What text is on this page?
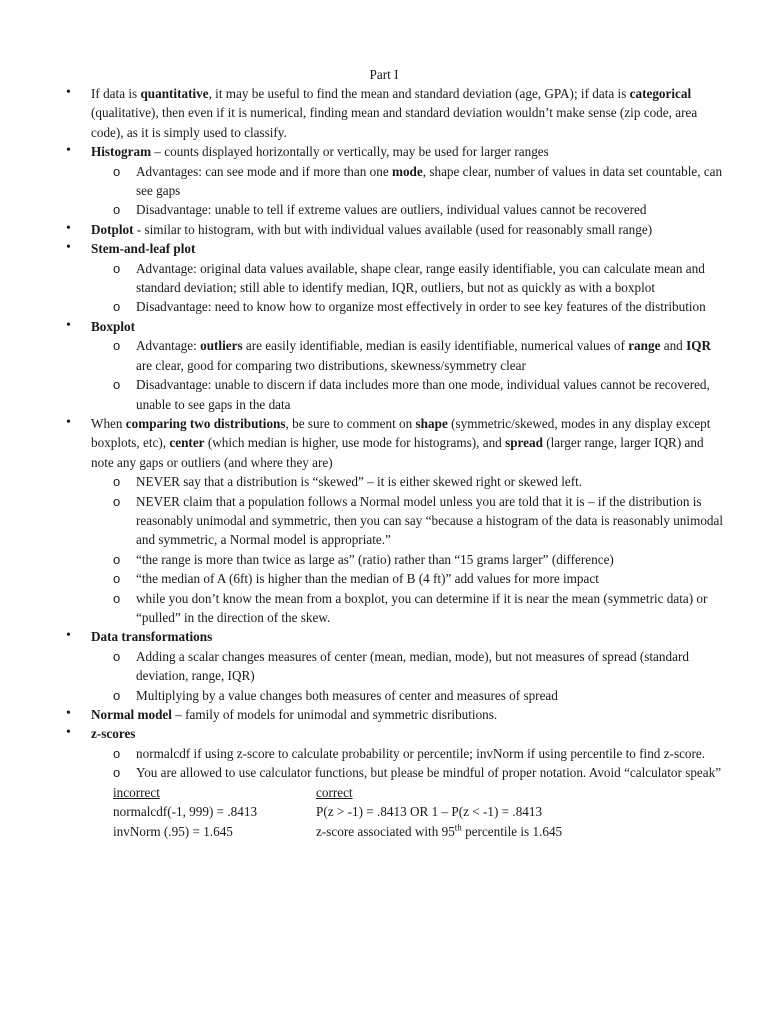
Part I
• If data is quantitative, it may be useful to find the mean and standard deviation (age, GPA); if data is categorical (qualitative), then even if it is numerical, finding mean and standard deviation wouldn’t make sense (zip code, area code), as it is simply used to classify.
• Histogram – counts displayed horizontally or vertically, may be used for larger ranges
o Advantages: can see mode and if more than one mode, shape clear, number of values in data set countable, can see gaps
o Disadvantage: unable to tell if extreme values are outliers, individual values cannot be recovered
• Dotplot - similar to histogram, with but with individual values available (used for reasonably small range)
• Stem-and-leaf plot
o Advantage: original data values available, shape clear, range easily identifiable, you can calculate mean and standard deviation; still able to identify median, IQR, outliers, but not as quickly as with a boxplot
o Disadvantage: need to know how to organize most effectively in order to see key features of the distribution
• Boxplot
o Advantage: outliers are easily identifiable, median is easily identifiable, numerical values of range and IQR are clear, good for comparing two distributions, skewness/symmetry clear
o Disadvantage: unable to discern if data includes more than one mode, individual values cannot be recovered, unable to see gaps in the data
• When comparing two distributions, be sure to comment on shape (symmetric/skewed, modes in any display except boxplots, etc), center (which median is higher, use mode for histograms), and spread (larger range, larger IQR) and note any gaps or outliers (and where they are)
o NEVER say that a distribution is “skewed” – it is either skewed right or skewed left.
o NEVER claim that a population follows a Normal model unless you are told that it is – if the distribution is reasonably unimodal and symmetric, then you can say “because a histogram of the data is reasonably unimodal and symmetric, a Normal model is appropriate.”
o “the range is more than twice as large as” (ratio) rather than “15 grams larger” (difference)
o “the median of A (6ft) is higher than the median of B (4 ft)” add values for more impact
o while you don’t know the mean from a boxplot, you can determine if it is near the mean (symmetric data) or “pulled” in the direction of the skew.
• Data transformations
o Adding a scalar changes measures of center (mean, median, mode), but not measures of spread (standard deviation, range, IQR)
o Multiplying by a value changes both measures of center and measures of spread
• Normal model – family of models for unimodal and symmetric disributions.
• z-scores
o normalcdf if using z-score to calculate probability or percentile; invNorm if using percentile to find z-score.
o You are allowed to use calculator functions, but please be mindful of proper notation. Avoid “calculator speak”
incorrect	correct
normalcdf(-1, 999) = .8413	P(z > -1) = .8413 OR 1 – P(z < -1) = .8413
invNorm (.95) = 1.645	z-score associated with 95th percentile is 1.645
